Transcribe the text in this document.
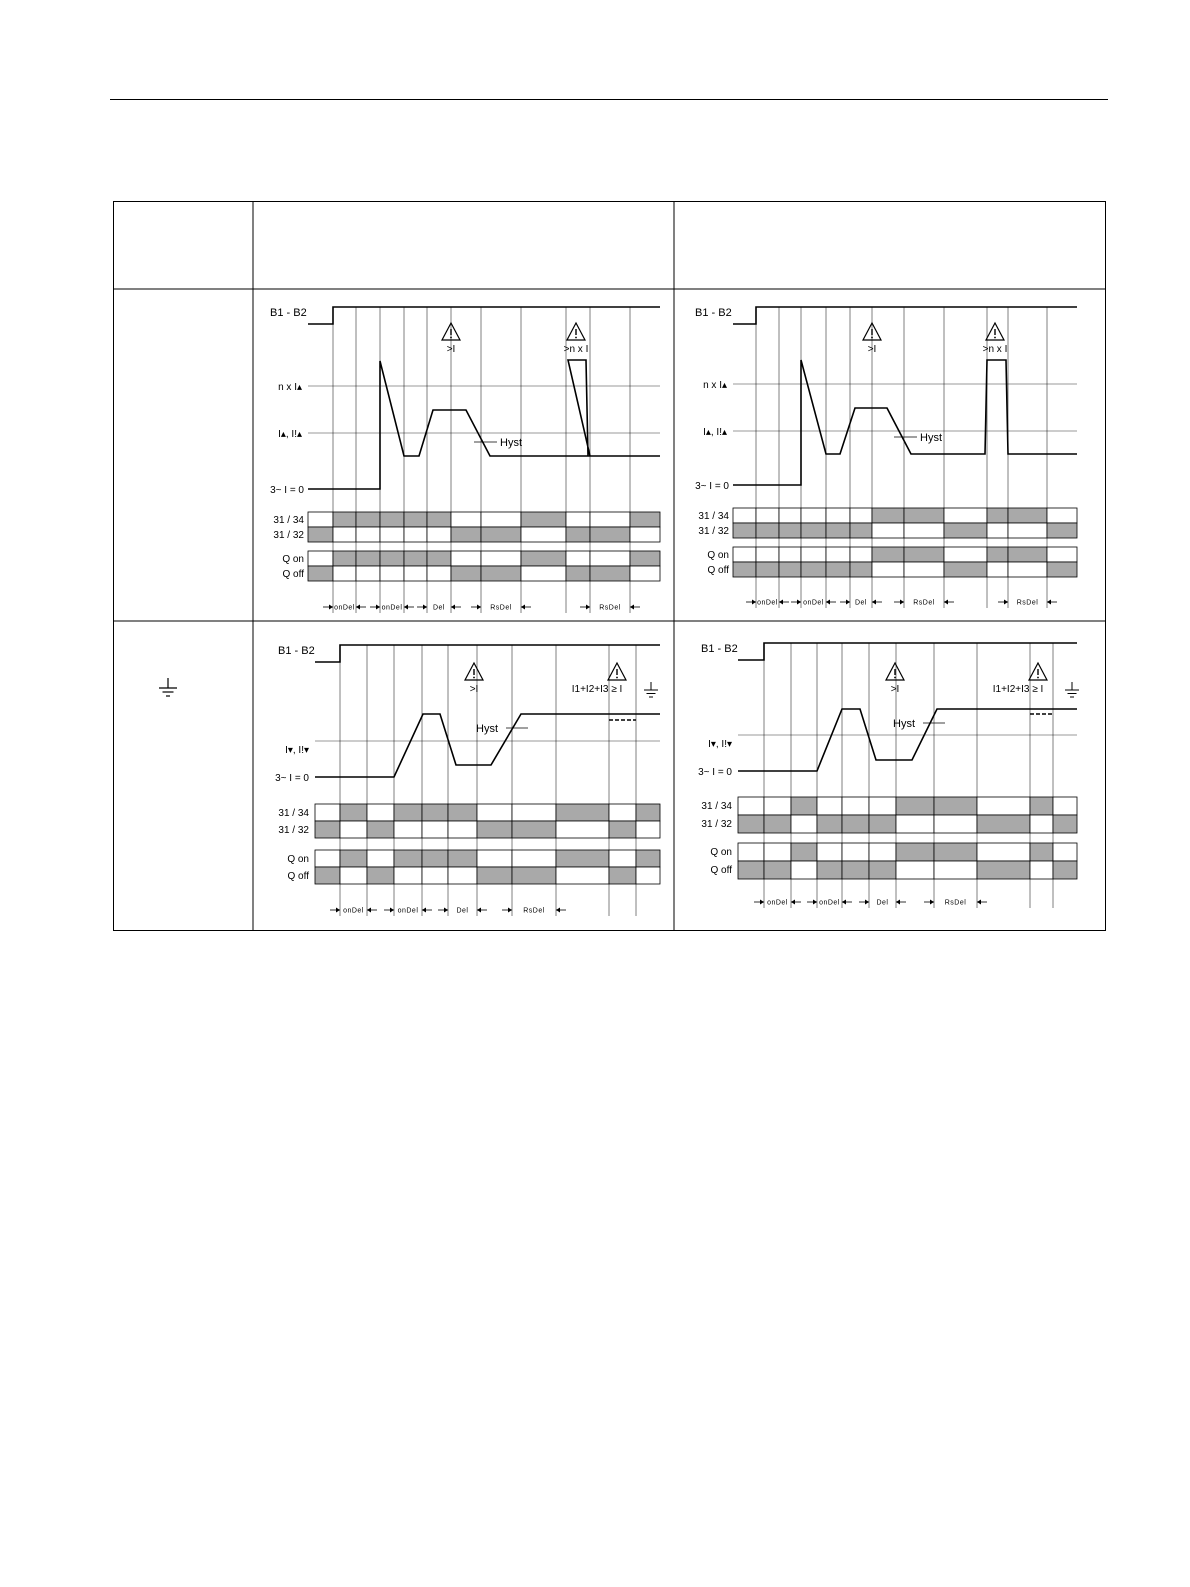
B1 - B2
n x I▴
I▴, I!▴
3~ I = 0
Hyst
>I	>n x I
31 / 34
31 / 32
Q on
Q off
onDel	onDel	Del	RsDel	RsDel
B1 - B2
n x I▴
I▴, I!▴
3~ I = 0
Hyst
>I	>n x I
31 / 34
31 / 32
Q on
Q off
onDel	onDel	Del	RsDel	RsDel
B1 - B2
I▾, I!▾
3~ I = 0
Hyst
>I	I1+I2+I3 ≥ I
31 / 34
31 / 32
Q on
Q off
onDel	onDel	Del	RsDel
B1 - B2
I▾, I!▾
3~ I = 0
Hyst
>I	I1+I2+I3 ≥ I
31 / 34
31 / 32
Q on
Q off
onDel	onDel	Del	RsDel
